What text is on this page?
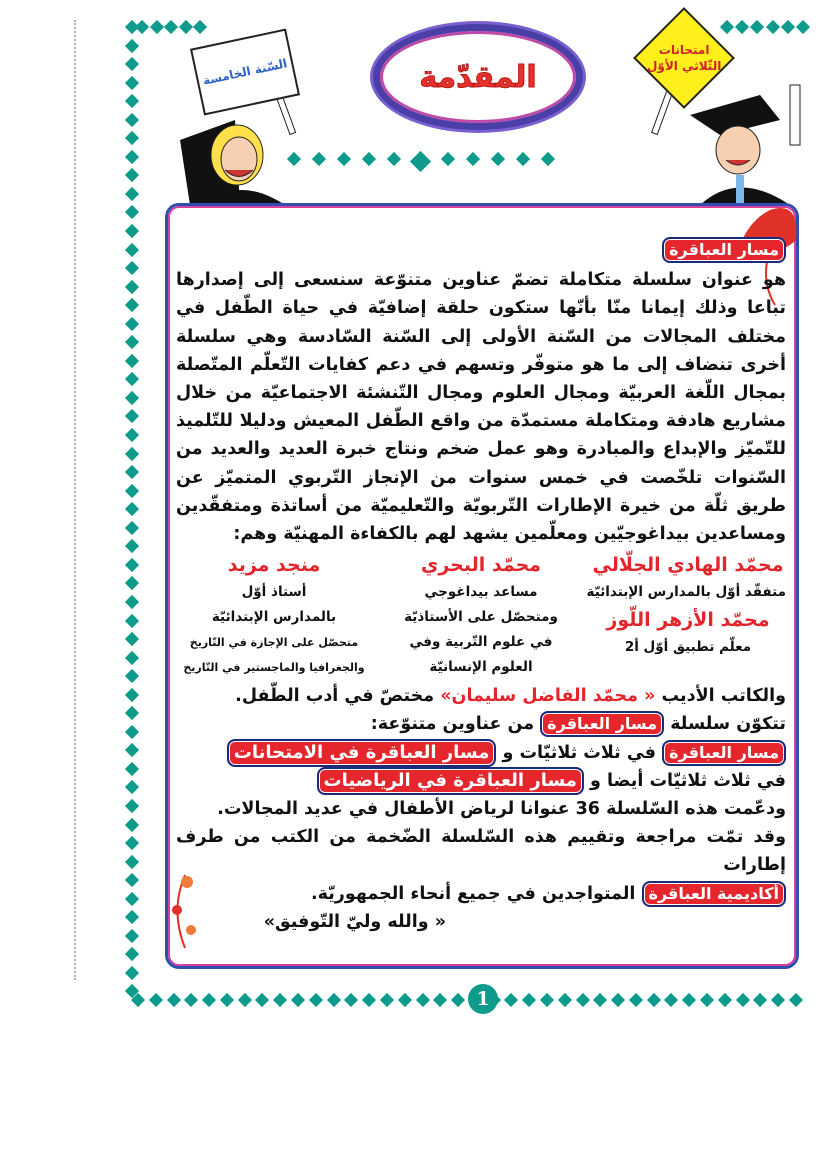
المقدّمة
السّنة الخامسة
امتحانات
الثّلاثي الأوّل
مسار العباقرة

هو عنوان سلسلة متكاملة تضمّ عناوين متنوّعة سنسعى إلى إصدارها تباعا وذلك إيمانا منّا بأنّها ستكون حلقة إضافيّة في حياة الطّفل في مختلف المجالات من السّنة الأولى إلى السّنة السّادسة وهي سلسلة أخرى تنضاف إلى ما هو متوفّر وتسهم في دعم كفايات التّعلّم المتّصلة بمجال اللّغة العربيّة ومجال العلوم ومجال التّنشئة الاجتماعيّة من خلال مشاريع هادفة ومتكاملة مستمدّة من واقع الطّفل المعيش ودليلا للتّلميذ للتّميّز والإبداع والمبادرة وهو عمل ضخم ونتاج خبرة العديد والعديد من السّنوات تلخّصت في خمس سنوات من الإنجاز التّربوي المتميّز عن طريق ثلّة من خيرة الإطارات التّربويّة والتّعليميّة من أساتذة ومتفقّدين ومساعدين بيداغوجيّين ومعلّمين يشهد لهم بالكفاءة المهنيّة وهم:

محمّد الهادي الجلّالي
متفقّد أوّل بالمدارس الإبتدائيّة
محمّد الأزهر اللّوز
معلّم تطبيق أوّل أ2
محمّد البحري
مساعد بيداغوجي
ومتحصّل على الأستاذيّة
في علوم التّربية وفي
العلوم الإنسانيّة
منجد مزيد
أستاذ أوّل
بالمدارس الإبتدائيّة
متحصّل على الإجازة في التّاريخ
والجغرافيا والماجستير في التّاريخ

والكاتب الأديب « محمّد الفاضل سليمان» مختصّ في أدب الطّفل.

تتكوّن سلسلة مسار العباقرة من عناوين متنوّعة:

مسار العباقرة في ثلاث ثلاثيّات و مسار العباقرة في الامتحانات

في ثلاث ثلاثيّات أيضا و مسار العباقرة في الرياضيات

ودعّمت هذه السّلسلة 36 عنوانا لرياض الأطفال في عديد المجالات.

وقد تمّت مراجعة وتقييم هذه السّلسلة الضّخمة من الكتب من طرف إطارات

أكاديمية العباقرة المتواجدين في جميع أنحاء الجمهوريّة.

« والله وليّ التّوفيق»

1
